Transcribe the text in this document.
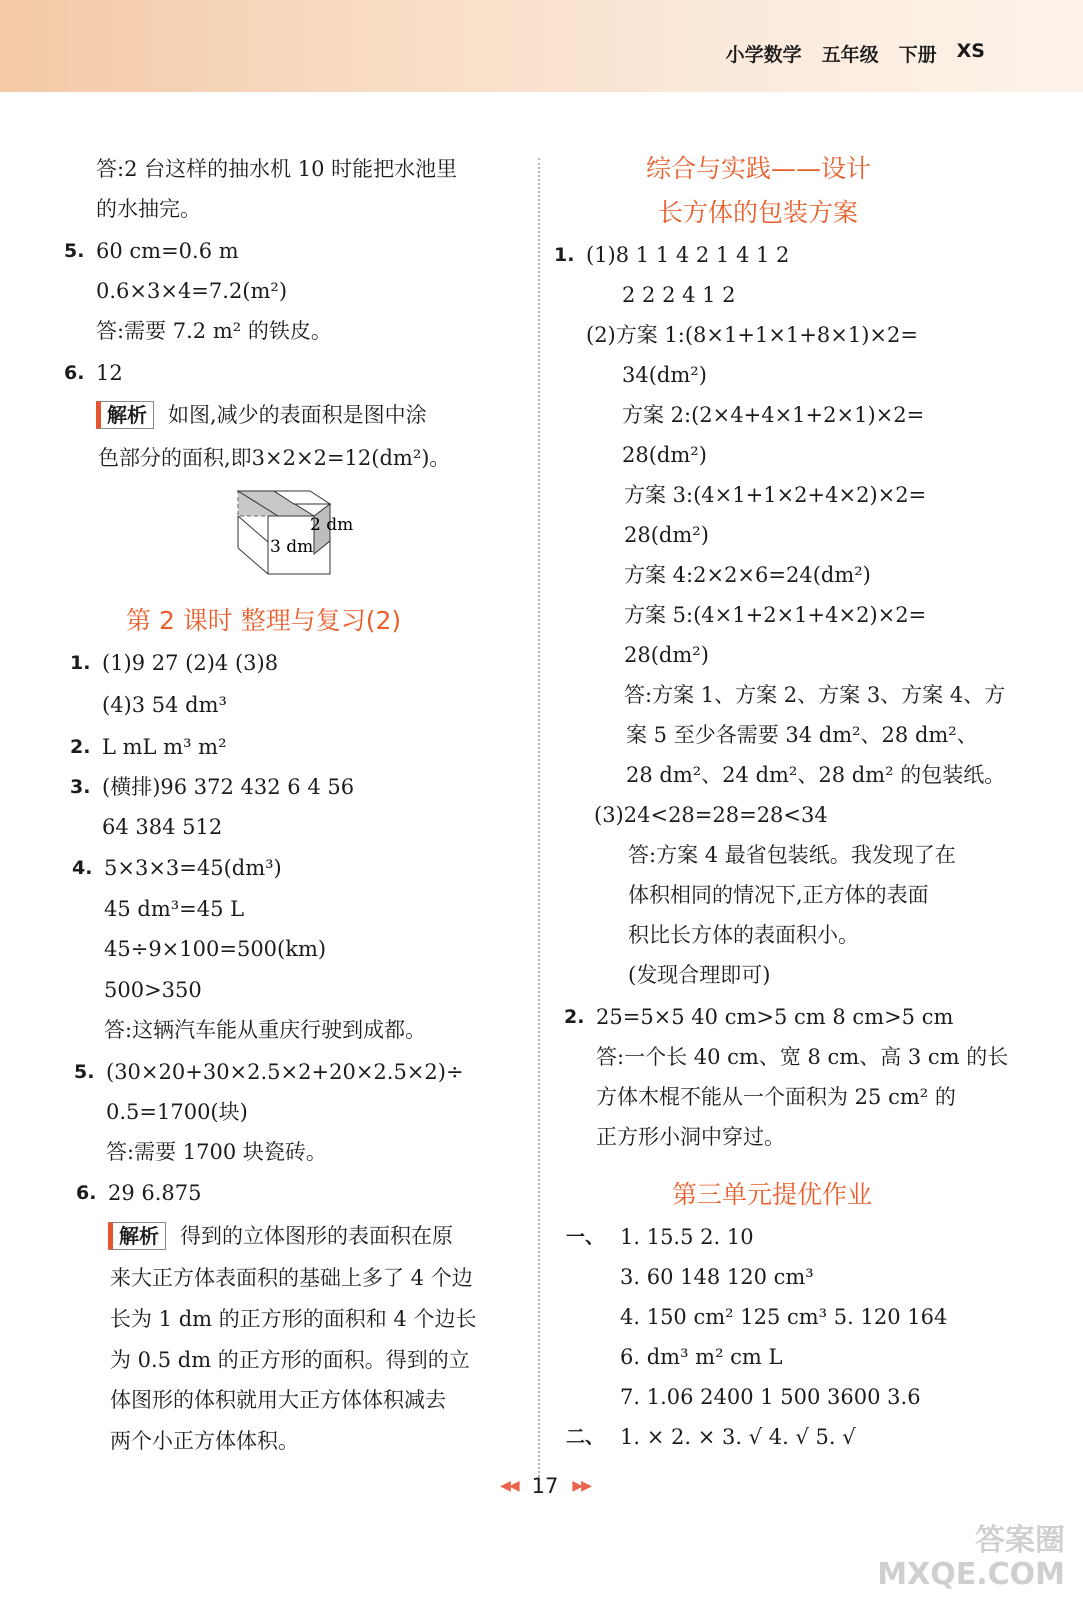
小学数学 五年级 下册 XS
答:2 台这样的抽水机 10 时能把水池里
的水抽完。
5. 60 cm=0.6 m
0.6×3×4=7.2(m²)
答:需要 7.2 m² 的铁皮。
6. 12
解析 如图,减少的表面积是图中涂
色部分的面积,即3×2×2=12(dm²)。
2 dm
3 dm
第 2 课时 整理与复习(2)
1. (1)9 27 (2)4 (3)8
(4)3 54 dm³
2. L mL m³ m²
3. (横排)96 372 432 6 4 56
64 384 512
4. 5×3×3=45(dm³)
45 dm³=45 L
45÷9×100=500(km)
500>350
答:这辆汽车能从重庆行驶到成都。
5. (30×20+30×2.5×2+20×2.5×2)÷
0.5=1700(块)
答:需要 1700 块瓷砖。
6. 29 6.875
解析 得到的立体图形的表面积在原
来大正方体表面积的基础上多了 4 个边
长为 1 dm 的正方形的面积和 4 个边长
为 0.5 dm 的正方形的面积。得到的立
体图形的体积就用大正方体体积减去
两个小正方体体积。
综合与实践——设计
长方体的包装方案
1. (1)8 1 1 4 2 1 4 1 2
2 2 2 4 1 2
(2)方案 1:(8×1+1×1+8×1)×2=
34(dm²)
方案 2:(2×4+4×1+2×1)×2=
28(dm²)
方案 3:(4×1+1×2+4×2)×2=
28(dm²)
方案 4:2×2×6=24(dm²)
方案 5:(4×1+2×1+4×2)×2=
28(dm²)
答:方案 1、方案 2、方案 3、方案 4、方
案 5 至少各需要 34 dm²、28 dm²、
28 dm²、24 dm²、28 dm² 的包装纸。
(3)24<28=28=28<34
答:方案 4 最省包装纸。我发现了在
体积相同的情况下,正方体的表面
积比长方体的表面积小。
(发现合理即可)
2. 25=5×5 40 cm>5 cm 8 cm>5 cm
答:一个长 40 cm、宽 8 cm、高 3 cm 的长
方体木棍不能从一个面积为 25 cm² 的
正方形小洞中穿过。
第三单元提优作业
一、 1. 15.5 2. 10
3. 60 148 120 cm³
4. 150 cm² 125 cm³ 5. 120 164
6. dm³ m² cm L
7. 1.06 2400 1 500 3600 3.6
二、 1. × 2. × 3. √ 4. √ 5. √
◀◀ 17 ▶▶
答案圈
MXQE.COM
